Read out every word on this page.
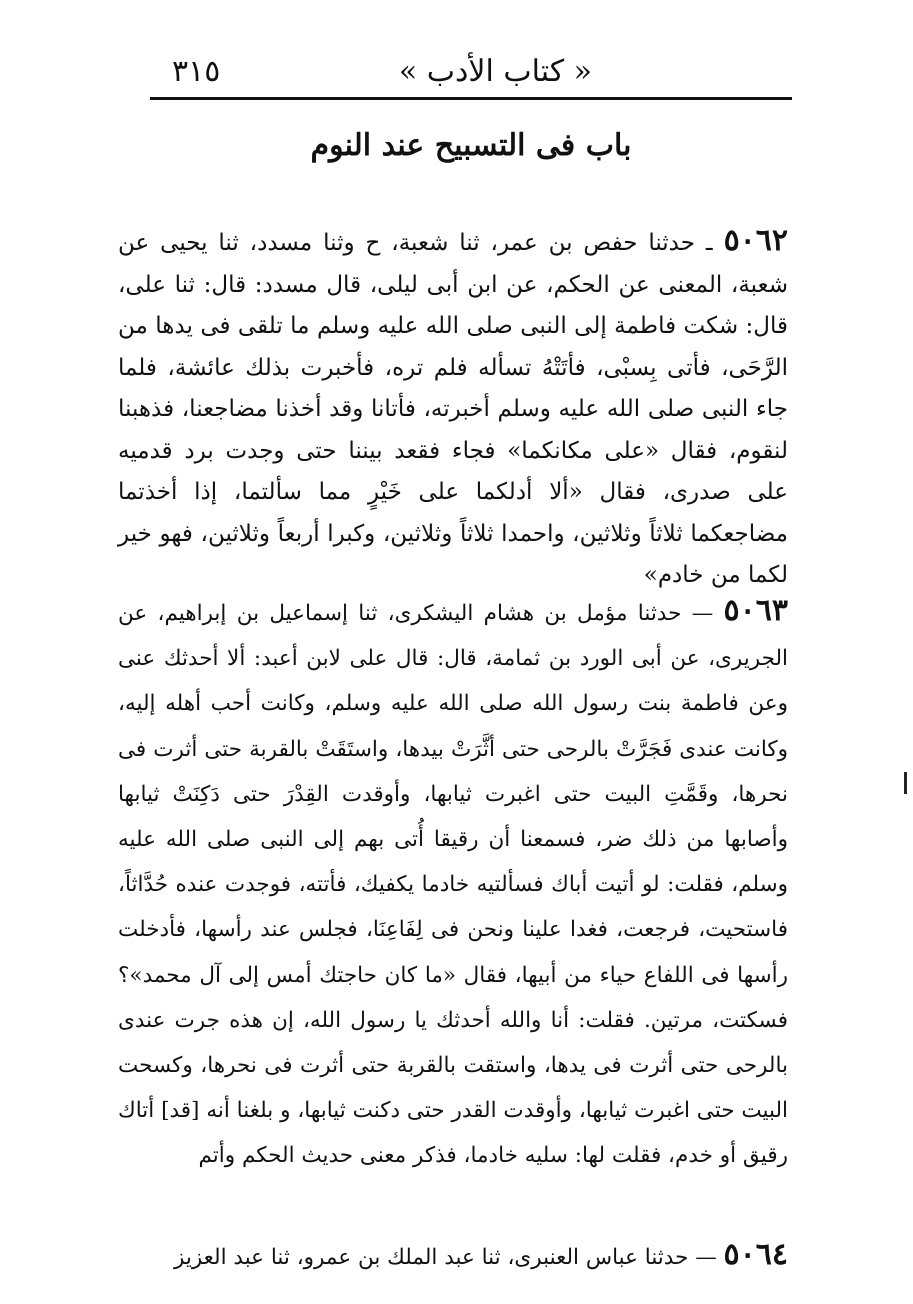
« كتاب الأدب »
٣١٥
باب فى التسبيح عند النوم
٥٠٦٢ ـ حدثنا حفص بن عمر، ثنا شعبة، ح وثنا مسدد، ثنا يحيى عن شعبة، المعنى عن الحكم، عن ابن أبى ليلى، قال مسدد: قال: ثنا على، قال: شكت فاطمة إلى النبى صلى الله عليه وسلم ما تلقى فى يدها من الرَّحَى، فأتى بِسبْى، فأتَتْهُ تسأله فلم تره، فأخبرت بذلك عائشة، فلما جاء النبى صلى الله عليه وسلم أخبرته، فأتانا وقد أخذنا مضاجعنا، فذهبنا لنقوم، فقال «على مكانكما» فجاء فقعد بيننا حتى وجدت برد قدميه على صدرى، فقال «ألا أدلكما على خَيْرٍ مما سألتما، إذا أخذتما مضاجعكما ثلاثاً وثلاثين، واحمدا ثلاثاً وثلاثين، وكبرا أربعاً وثلاثين، فهو خير لكما من خادم»
٥٠٦٣ — حدثنا مؤمل بن هشام اليشكرى، ثنا إسماعيل بن إبراهيم، عن الجريرى، عن أبى الورد بن ثمامة، قال: قال على لابن أعبد: ألا أحدثك عنى وعن فاطمة بنت رسول الله صلى الله عليه وسلم، وكانت أحب أهله إليه، وكانت عندى فَجَرَّتْ بالرحى حتى أثَّرَتْ بيدها، واستَقَتْ بالقربة حتى أثرت فى نحرها، وقَمَّتِ البيت حتى اغبرت ثيابها، وأوقدت القِدْرَ حتى دَكِنَتْ ثيابها وأصابها من ذلك ضر، فسمعنا أن رقيقا أُتى بهم إلى النبى صلى الله عليه وسلم، فقلت: لو أتيت أباك فسألتيه خادما يكفيك، فأتته، فوجدت عنده حُدَّاثاً، فاستحيت، فرجعت، فغدا علينا ونحن فى لِفَاعِنَا، فجلس عند رأسها، فأدخلت رأسها فى اللفاع حياء من أبيها، فقال «ما كان حاجتك أمس إلى آل محمد»؟ فسكتت، مرتين. فقلت: أنا والله أحدثك يا رسول الله، إن هذه جرت عندى بالرحى حتى أثرت فى يدها، واستقت بالقربة حتى أثرت فى نحرها، وكسحت البيت حتى اغبرت ثيابها، وأوقدت القدر حتى دكنت ثيابها، و بلغنا أنه [قد] أتاك رقيق أو خدم، فقلت لها: سليه خادما، فذكر معنى حديث الحكم وأتم
٥٠٦٤ — حدثنا عباس العنبرى، ثنا عبد الملك بن عمرو، ثنا عبد العزيز
